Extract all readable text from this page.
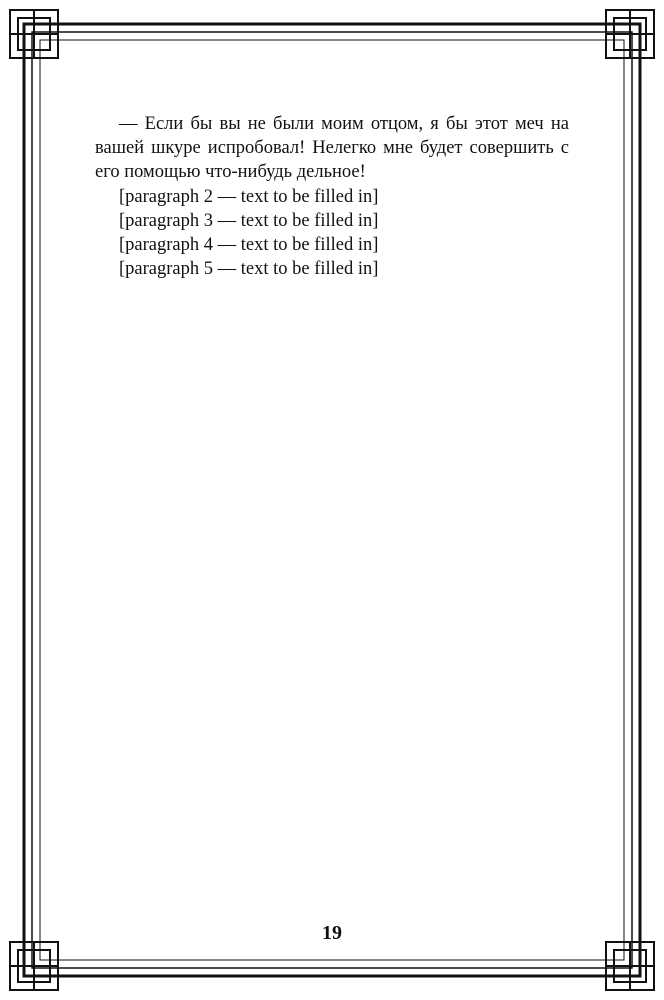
— Если бы вы не были моим отцом, я бы этот меч на вашей шкуре испробовал! Нелегко мне будет совершить с его помощью что-нибудь дельное!

[paragraph 2 — text to be filled in]

[paragraph 3 — text to be filled in]

[paragraph 4 — text to be filled in]

[paragraph 5 — text to be filled in]

19
